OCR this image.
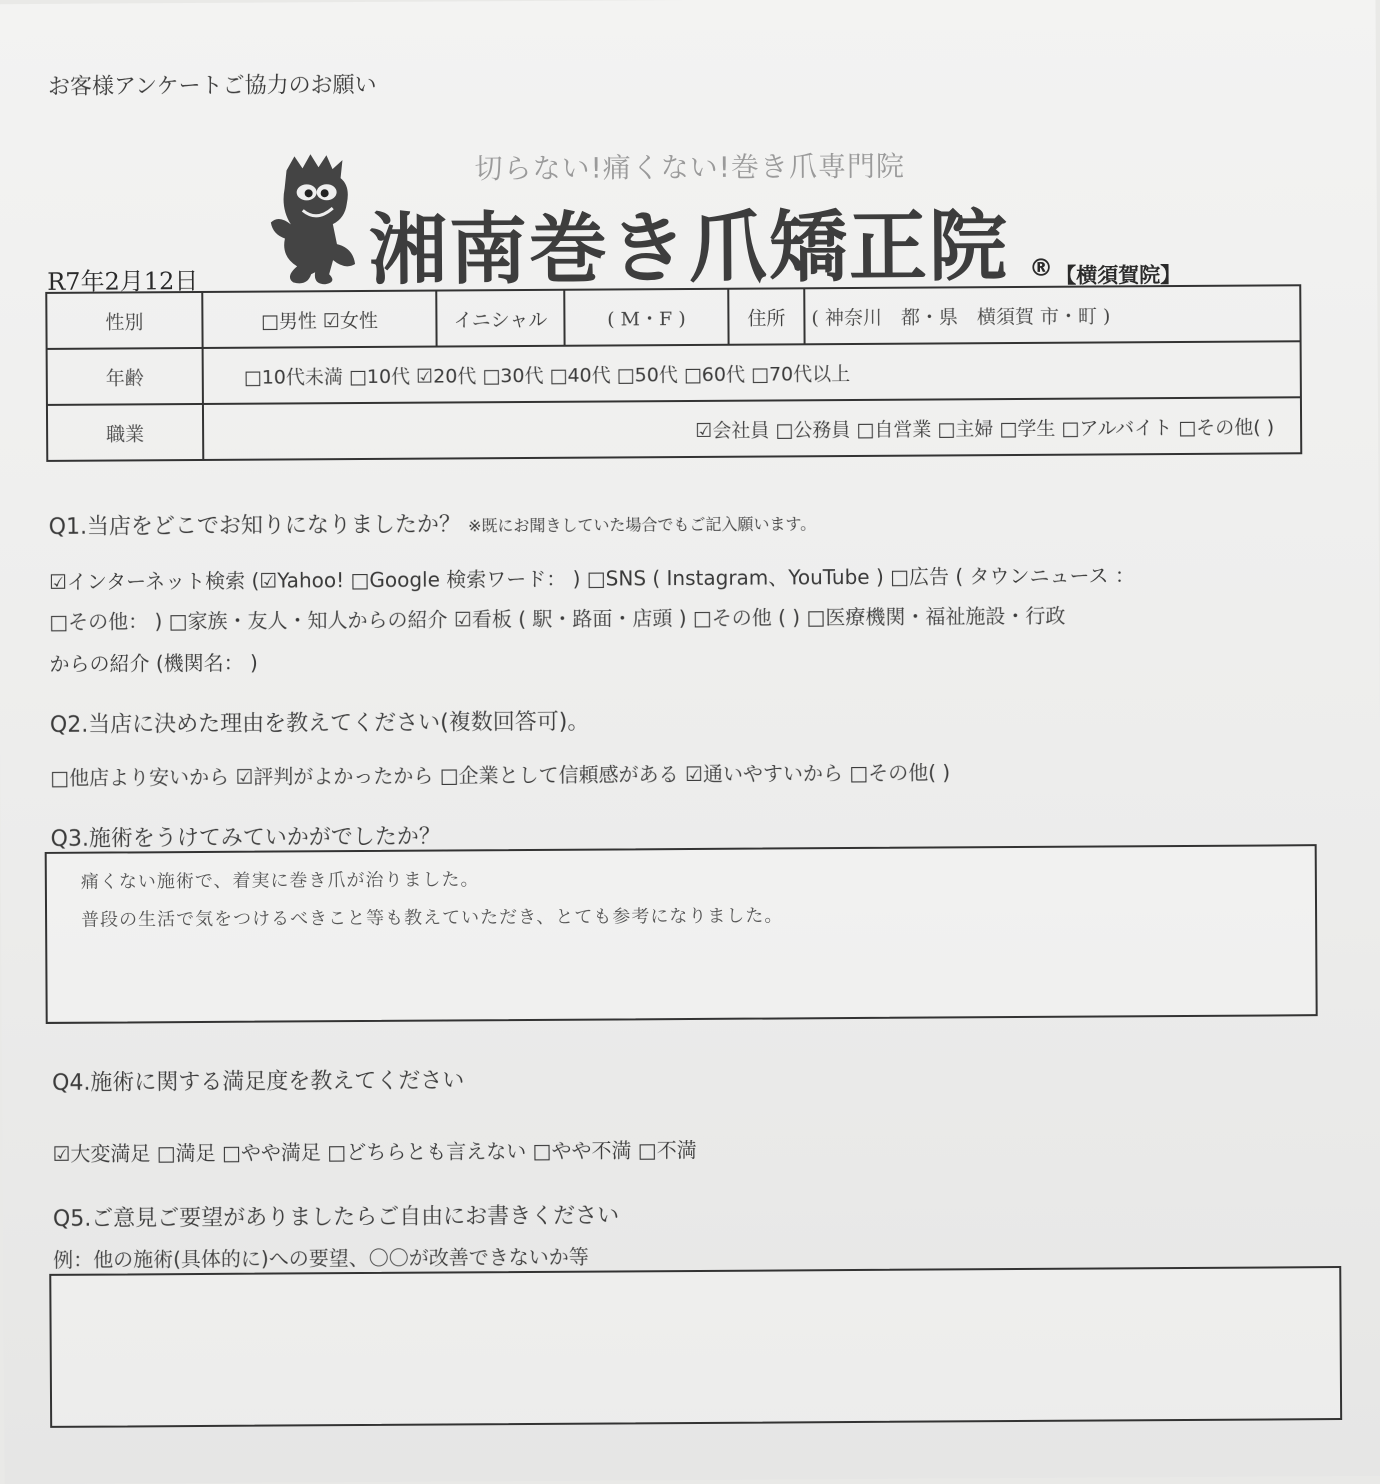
お客様アンケートご協力のお願い
切らない!痛くない!巻き爪専門院
湘南巻き爪矯正院 ® 【横須賀院】
R7年2月12日
性別	□男性 ☑女性	イニシャル	( M・F )	住所	( 神奈川　都・県　横須賀 市・町 )
年齢	□10代未満 □10代 ☑20代 □30代 □40代 □50代 □60代 □70代以上				
職業	☑会社員 □公務員 □自営業 □主婦 □学生 □アルバイト □その他( )				
Q1.当店をどこでお知りになりましたか？ ※既にお聞きしていた場合でもご記入願います。
☑インターネット検索 (☑Yahoo! □Google 検索ワード： ) □SNS ( Instagram、YouTube ) □広告 ( タウンニュース ：
□その他： ) □家族・友人・知人からの紹介 ☑看板 ( 駅・路面・店頭 ) □その他 ( ) □医療機関・福祉施設・行政
からの紹介 (機関名： )
Q2.当店に決めた理由を教えてください(複数回答可)。
□他店より安いから ☑評判がよかったから □企業として信頼感がある ☑通いやすいから □その他( )
Q3.施術をうけてみていかがでしたか？
痛くない施術で、着実に巻き爪が治りました。
普段の生活で気をつけるべきこと等も教えていただき、とても参考になりました。
Q4.施術に関する満足度を教えてください
☑大変満足 □満足 □やや満足 □どちらとも言えない □やや不満 □不満
Q5.ご意見ご要望がありましたらご自由にお書きください
例：他の施術(具体的に)への要望、〇〇が改善できないか等
